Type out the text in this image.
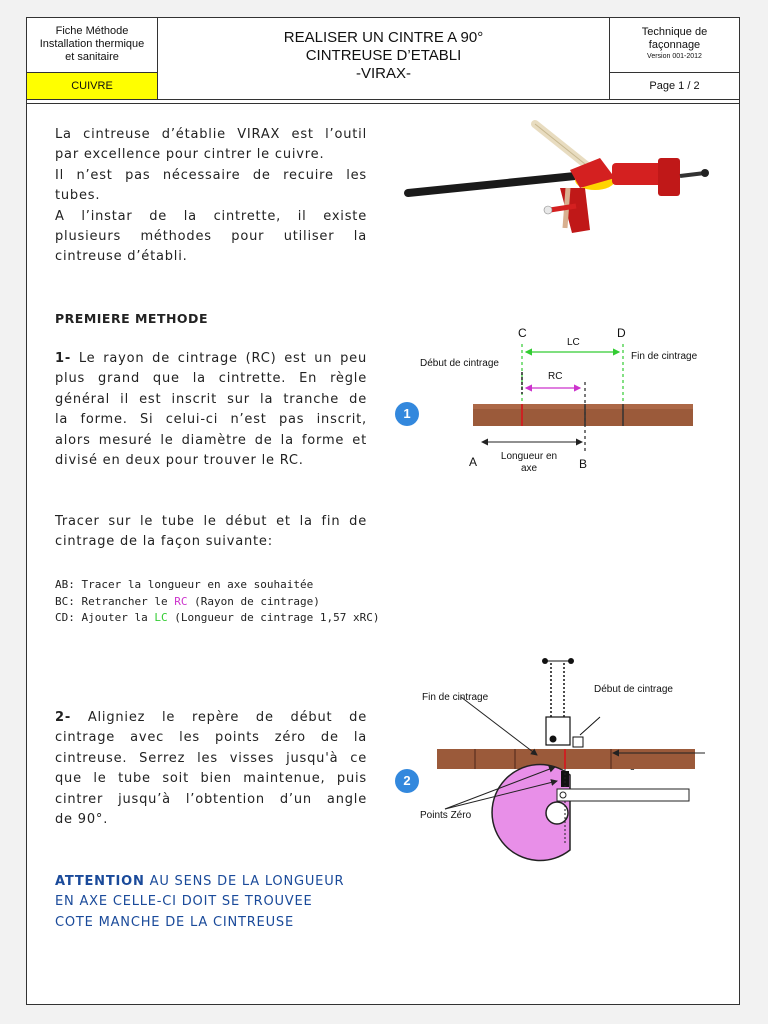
Fiche Méthode
Installation thermique
et sanitaire
CUIVRE
REALISER UN CINTRE A 90°
CINTREUSE D’ETABLI
-VIRAX-
Technique de
façonnage
Version 001-2012
Page 1 / 2
La cintreuse d’établie VIRAX est l’outil
par excellence pour cintrer le cuivre.
Il n’est pas nécessaire de recuire les
tubes.
A l’instar de la cintrette, il existe
plusieurs méthodes pour utiliser la
cintreuse d’établi.
PREMIERE METHODE
1- Le rayon de cintrage (RC) est un peu
plus grand que la cintrette. En règle
général il est inscrit sur la tranche de
la forme. Si celui-ci n’est pas inscrit,
alors mesuré le diamètre de la forme et
divisé en deux pour trouver le RC.
1
C	D
LC
RC
Début de cintrage
Fin de cintrage
A	B
Longueur en
axe
Tracer sur le tube le début et la fin de
cintrage de la façon suivante:
AB: Tracer la longueur en axe souhaitée
BC: Retrancher le RC (Rayon de cintrage)
CD: Ajouter la LC (Longueur de cintrage 1,57 xRC)
2- Aligniez le repère de début de
cintrage avec les points zéro de la
cintreuse. Serrez les visses jusqu'à ce
que le tube soit bien maintenue, puis
cintrer jusqu’à l’obtention d’un angle
de 90°.
2
Fin de cintrage
Début de cintrage
Points Zéro
ATTENTION AU SENS DE LA LONGUEUR
EN AXE CELLE-CI DOIT SE TROUVEE
COTE MANCHE DE LA CINTREUSE
